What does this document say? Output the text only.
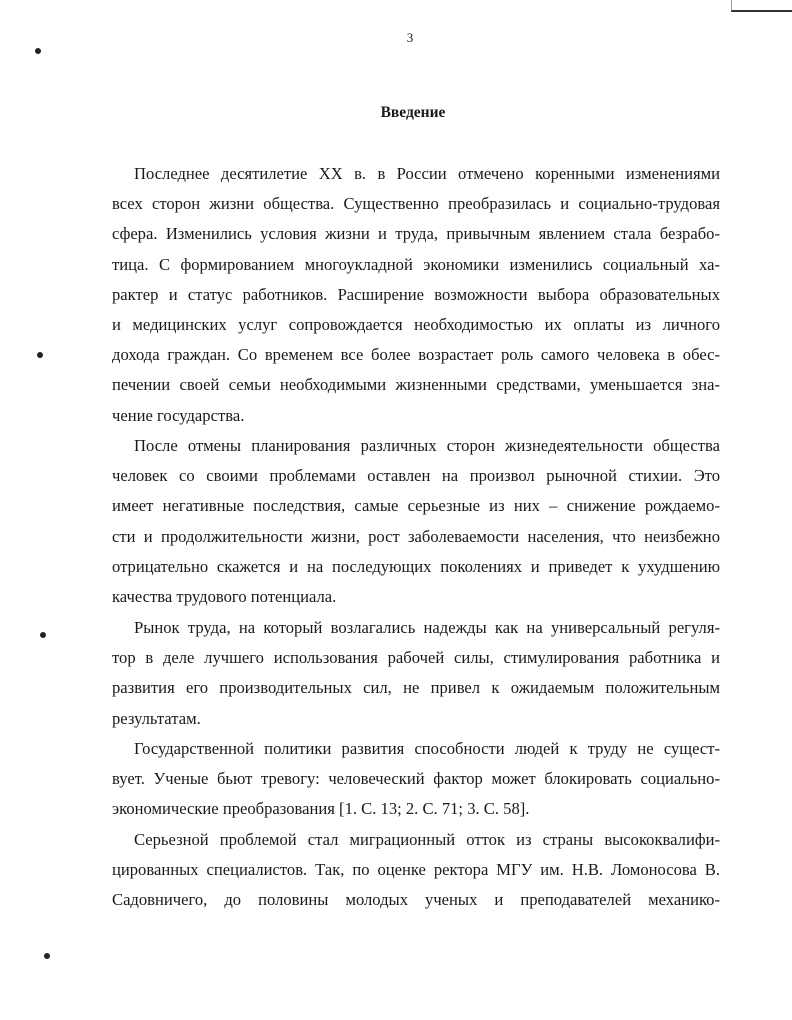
3
Введение
Последнее десятилетие XX в. в России отмечено коренными изменениями
всех сторон жизни общества. Существенно преобразилась и социально-трудовая
сфера. Изменились условия жизни и труда, привычным явлением стала безрабо-
тица. С формированием многоукладной экономики изменились социальный ха-
рактер и статус работников. Расширение возможности выбора образовательных
и медицинских услуг сопровождается необходимостью их оплаты из личного
дохода граждан. Со временем все более возрастает роль самого человека в обес-
печении своей семьи необходимыми жизненными средствами, уменьшается зна-
чение государства.
После отмены планирования различных сторон жизнедеятельности общества
человек со своими проблемами оставлен на произвол рыночной стихии. Это
имеет негативные последствия, самые серьезные из них – снижение рождаемо-
сти и продолжительности жизни, рост заболеваемости населения, что неизбежно
отрицательно скажется и на последующих поколениях и приведет к ухудшению
качества трудового потенциала.
Рынок труда, на который возлагались надежды как на универсальный регуля-
тор в деле лучшего использования рабочей силы, стимулирования работника и
развития его производительных сил, не привел к ожидаемым положительным
результатам.
Государственной политики развития способности людей к труду не сущест-
вует. Ученые бьют тревогу: человеческий фактор может блокировать социально-
экономические преобразования [1. С. 13; 2. С. 71; 3. С. 58].
Серьезной проблемой стал миграционный отток из страны высококвалифи-
цированных специалистов. Так, по оценке ректора МГУ им. Н.В. Ломоносова В.
Садовничего, до половины молодых ученых и преподавателей механико-
